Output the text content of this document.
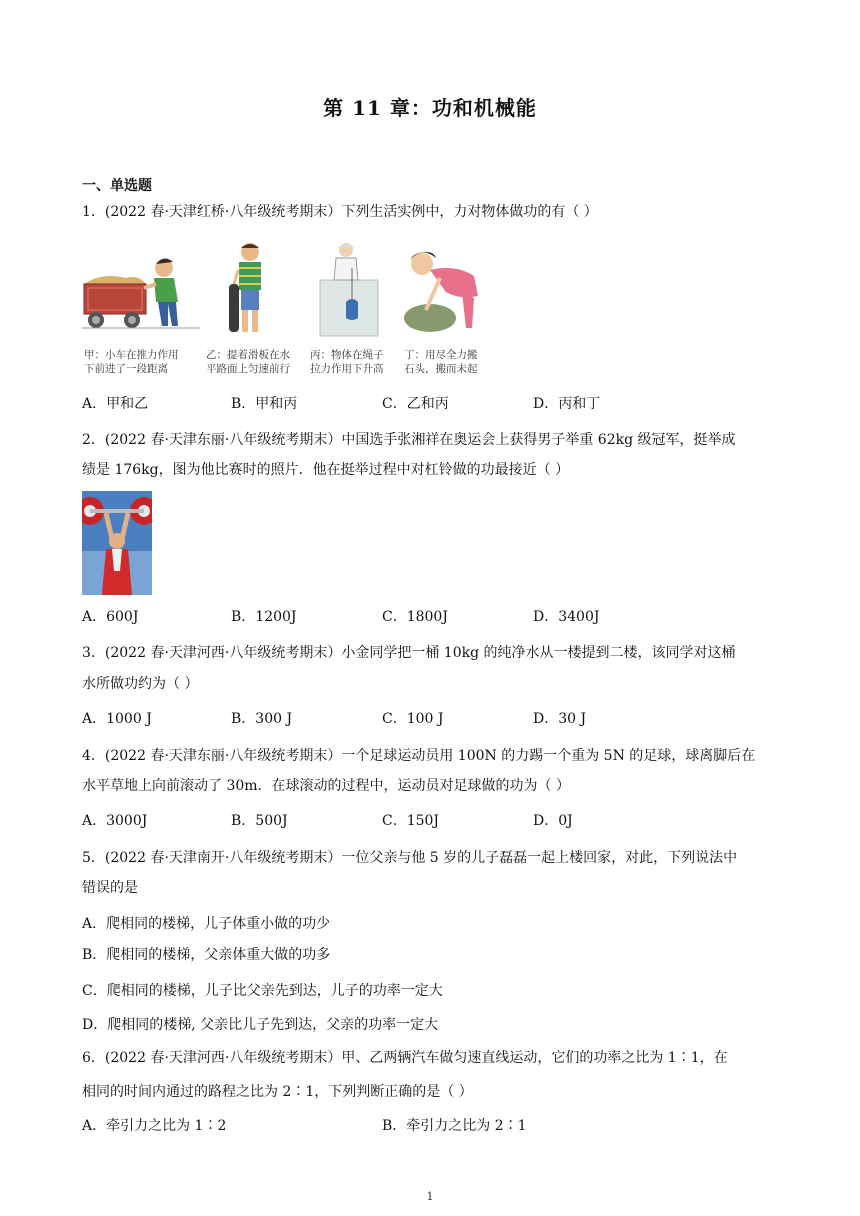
第 11 章：功和机械能
一、单选题
1．(2022 春·天津红桥·八年级统考期末）下列生活实例中，力对物体做功的有（ ）
甲：小车在推力作用
下前进了一段距离
乙：提着滑板在水
平路面上匀速前行
丙：物体在绳子
拉力作用下升高
丁：用尽全力搬
石头，搬而未起
A．甲和乙	B．甲和丙	C．乙和丙	D．丙和丁
2．(2022 春·天津东丽·八年级统考期末）中国选手张湘祥在奥运会上获得男子举重 62kg 级冠军，挺举成
绩是 176kg，图为他比赛时的照片．他在挺举过程中对杠铃做的功最接近（ ）
A．600J	B．1200J	C．1800J	D．3400J
3．(2022 春·天津河西·八年级统考期末）小金同学把一桶 10kg 的纯净水从一楼提到二楼，该同学对这桶
水所做功约为（ ）
A．1000 J	B．300 J	C．100 J	D．30 J
4．(2022 春·天津东丽·八年级统考期末）一个足球运动员用 100N 的力踢一个重为 5N 的足球，球离脚后在
水平草地上向前滚动了 30m．在球滚动的过程中，运动员对足球做的功为（ ）
A．3000J	B．500J	C．150J	D．0J
5．(2022 春·天津南开·八年级统考期末）一位父亲与他 5 岁的儿子磊磊一起上楼回家，对此，下列说法中
错误的是
A．爬相同的楼梯，儿子体重小做的功少
B．爬相同的楼梯，父亲体重大做的功多
C．爬相同的楼梯，儿子比父亲先到达，儿子的功率一定大
D．爬相同的楼梯, 父亲比儿子先到达，父亲的功率一定大
6．(2022 春·天津河西·八年级统考期末）甲、乙两辆汽车做匀速直线运动，它们的功率之比为 1∶1，在
相同的时间内通过的路程之比为 2∶1，下列判断正确的是（ ）
A．牵引力之比为 1∶2	B．牵引力之比为 2∶1
1
